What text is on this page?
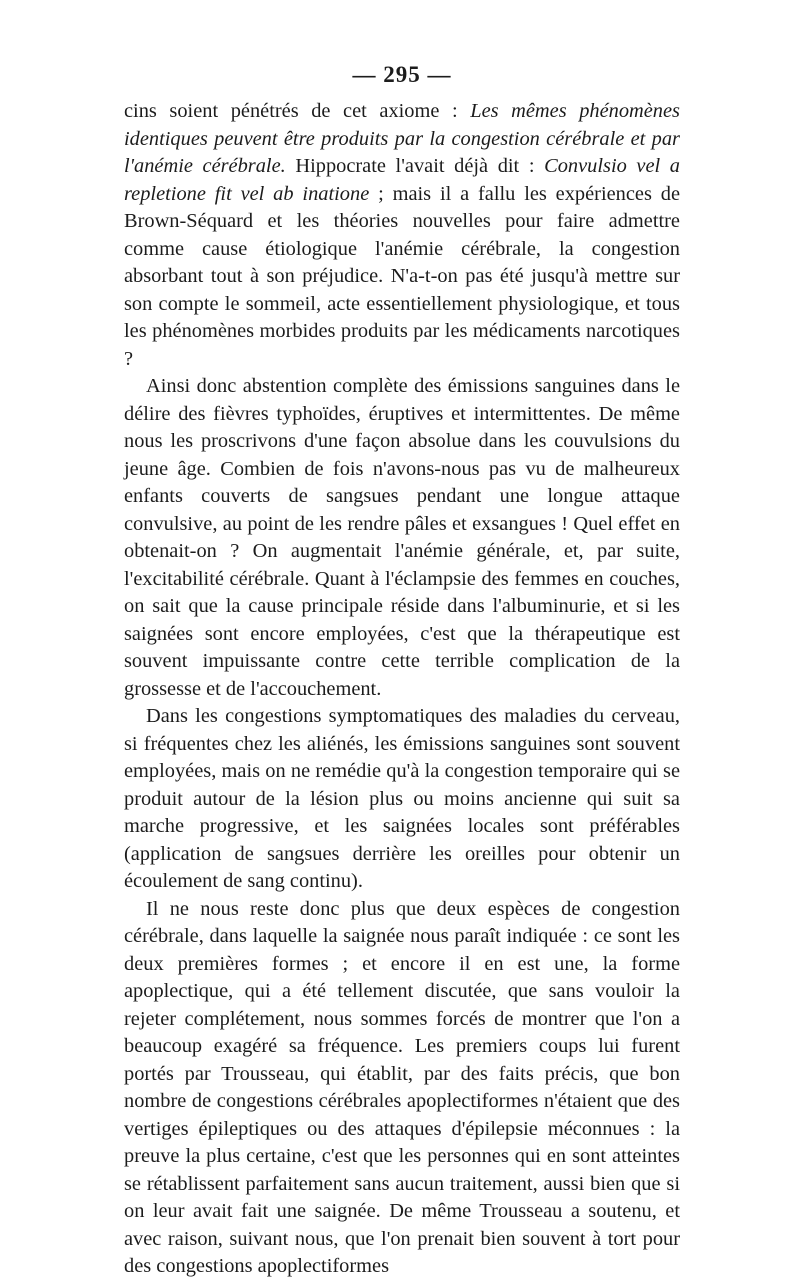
— 295 —

cins soient pénétrés de cet axiome : Les mêmes phénomènes identiques peuvent être produits par la congestion cérébrale et par l'anémie cérébrale. Hippocrate l'avait déjà dit : Convulsio vel a repletione fit vel ab inatione ; mais il a fallu les expériences de Brown-Séquard et les théories nouvelles pour faire admettre comme cause étiologique l'anémie cérébrale, la congestion absorbant tout à son préjudice. N'a-t-on pas été jusqu'à mettre sur son compte le sommeil, acte essentiellement physiologique, et tous les phénomènes morbides produits par les médicaments narcotiques ?

Ainsi donc abstention complète des émissions sanguines dans le délire des fièvres typhoïdes, éruptives et intermittentes. De même nous les proscrivons d'une façon absolue dans les couvulsions du jeune âge. Combien de fois n'avons-nous pas vu de malheureux enfants couverts de sangsues pendant une longue attaque convulsive, au point de les rendre pâles et exsangues ! Quel effet en obtenait-on ? On augmentait l'anémie générale, et, par suite, l'excitabilité cérébrale. Quant à l'éclampsie des femmes en couches, on sait que la cause principale réside dans l'albuminurie, et si les saignées sont encore employées, c'est que la thérapeutique est souvent impuissante contre cette terrible complication de la grossesse et de l'accouchement.

Dans les congestions symptomatiques des maladies du cerveau, si fréquentes chez les aliénés, les émissions sanguines sont souvent employées, mais on ne remédie qu'à la congestion temporaire qui se produit autour de la lésion plus ou moins ancienne qui suit sa marche progressive, et les saignées locales sont préférables (application de sangsues derrière les oreilles pour obtenir un écoulement de sang continu).

Il ne nous reste donc plus que deux espèces de congestion cérébrale, dans laquelle la saignée nous paraît indiquée : ce sont les deux premières formes ; et encore il en est une, la forme apoplectique, qui a été tellement discutée, que sans vouloir la rejeter complétement, nous sommes forcés de montrer que l'on a beaucoup exagéré sa fréquence. Les premiers coups lui furent portés par Trousseau, qui établit, par des faits précis, que bon nombre de congestions cérébrales apoplectiformes n'étaient que des vertiges épileptiques ou des attaques d'épilepsie méconnues : la preuve la plus certaine, c'est que les personnes qui en sont atteintes se rétablissent parfaitement sans aucun traitement, aussi bien que si on leur avait fait une saignée. De même Trousseau a soutenu, et avec raison, suivant nous, que l'on prenait bien souvent à tort pour des congestions apoplectiformes
